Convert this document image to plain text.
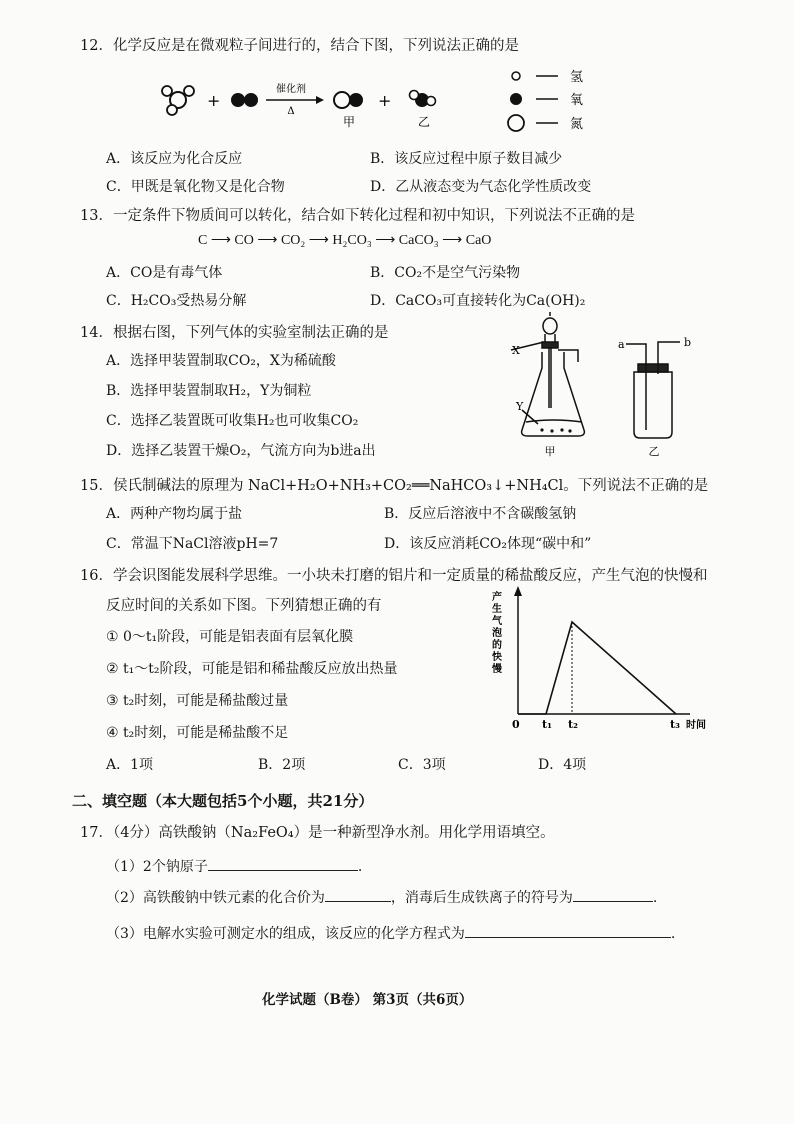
12．化学反应是在微观粒子间进行的，结合下图，下列说法正确的是
+
催化剂
Δ
甲
+
乙
氢
氧
氮
A．该反应为化合反应	B．该反应过程中原子数目减少
C．甲既是氧化物又是化合物	D．乙从液态变为气态化学性质改变
13．一定条件下物质间可以转化，结合如下转化过程和初中知识，下列说法不正确的是
C ⟶ CO ⟶ CO₂ ⟶ H₂CO₃ ⟶ CaCO₃ ⟶ CaO
A．CO是有毒气体	B．CO₂不是空气污染物
C．H₂CO₃受热易分解	D．CaCO₃可直接转化为Ca(OH)₂
14．根据右图，下列气体的实验室制法正确的是
A．选择甲装置制取CO₂，X为稀硫酸
B．选择甲装置制取H₂，Y为铜粒
C．选择乙装置既可收集H₂也可收集CO₂
D．选择乙装置干燥O₂，气流方向为b进a出
X
Y
甲
a	b
乙
15．侯氏制碱法的原理为 NaCl+H₂O+NH₃+CO₂══NaHCO₃↓+NH₄Cl。下列说法不正确的是
A．两种产物均属于盐	B．反应后溶液中不含碳酸氢钠
C．常温下NaCl溶液pH=7	D．该反应消耗CO₂体现“碳中和”
16．学会识图能发展科学思维。一小块未打磨的铝片和一定质量的稀盐酸反应，产生气泡的快慢和
反应时间的关系如下图。下列猜想正确的有
① 0～t₁阶段，可能是铝表面有层氧化膜
② t₁～t₂阶段，可能是铝和稀盐酸反应放出热量
③ t₂时刻，可能是稀盐酸过量
④ t₂时刻，可能是稀盐酸不足
A．1项	B．2项	C．3项	D．4项
产
生
气
泡
的
快
慢
0 t₁ t₂	t₃ 时间
二、填空题（本大题包括5个小题，共21分）
17．（4分）高铁酸钠（Na₂FeO₄）是一种新型净水剂。用化学用语填空。
（1）2个钠原子	.
（2）高铁酸钠中铁元素的化合价为	，消毒后生成铁离子的符号为	.
（3）电解水实验可测定水的组成，该反应的化学方程式为	.
化学试题（B卷） 第3页（共6页）
